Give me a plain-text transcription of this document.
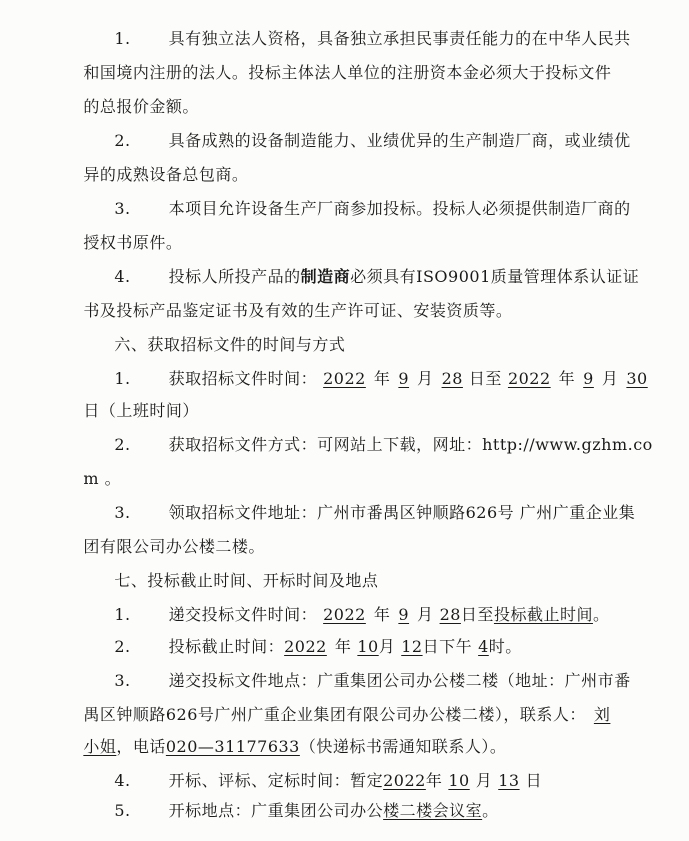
1. 具有独立法人资格，具备独立承担民事责任能力的在中华人民共

和国境内注册的法人。投标主体法人单位的注册资本金必须大于投标文件

的总报价金额。

2. 具备成熟的设备制造能力、业绩优异的生产制造厂商，或业绩优

异的成熟设备总包商。

3. 本项目允许设备生产厂商参加投标。投标人必须提供制造厂商的

授权书原件。

4. 投标人所投产品的制造商必须具有ISO9001质量管理体系认证证

书及投标产品鉴定证书及有效的生产许可证、安装资质等。

六、获取招标文件的时间与方式

1. 获取招标文件时间： 2022 年 9 月 28 日至 2022 年 9 月 30

日（上班时间）

2. 获取招标文件方式：可网站上下载，网址：http://www.gzhm.co

m 。

3. 领取招标文件地址：广州市番禺区钟顺路626号 广州广重企业集

团有限公司办公楼二楼。

七、投标截止时间、开标时间及地点

1. 递交投标文件时间： 2022 年 9 月 28日至投标截止时间。

2. 投标截止时间：2022 年 10月 12日下午 4时。

3. 递交投标文件地点：广重集团公司办公楼二楼（地址：广州市番

禺区钟顺路626号广州广重企业集团有限公司办公楼二楼），联系人： 刘

小姐，电话020—31177633（快递标书需通知联系人）。

4. 开标、评标、定标时间：暂定2022年 10 月 13 日

5. 开标地点：广重集团公司办公楼二楼会议室。
